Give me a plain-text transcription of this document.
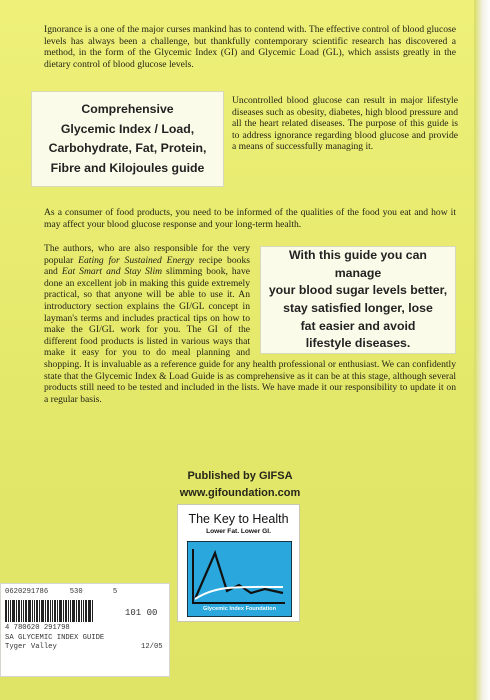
Ignorance is a one of the major curses mankind has to contend with. The effective control of blood glucose levels has always been a challenge, but thankfully contemporary scientific research has discovered a method, in the form of the Glycemic Index (GI) and Glycemic Load (GL), which assists greatly in the dietary control of blood glucose levels.

Comprehensive
Glycemic Index / Load,
Carbohydrate, Fat, Protein,
Fibre and Kilojoules guide

Uncontrolled blood glucose can result in major lifestyle diseases such as obesity, diabetes, high blood pressure and all the heart related diseases. The purpose of this guide is to address ignorance regarding blood glucose and provide a means of successfully managing it.

As a consumer of food products, you need to be informed of the qualities of the food you eat and how it may affect your blood glucose response and your long-term health.

With this guide you can manage
your blood sugar levels better,
stay satisfied longer, lose
fat easier and avoid
lifestyle diseases.
The authors, who are also responsible for the very popular Eating for Sustained Energy recipe books and Eat Smart and Stay Slim slimming book, have done an excellent job in making this guide extremely practical, so that anyone will be able to use it. An introductory section explains the GI/GL concept in layman's terms and includes practical tips on how to make the GI/GL work for you. The GI of the different food products is listed in various ways that make it easy for you to do meal planning and shopping. It is invaluable as a reference guide for any health professional or enthusiast. We can confidently state that the Glycemic Index & Load Guide is as comprehensive as it can be at this stage, although several products still need to be tested and included in the lists. We have made it our responsibility to update it on a regular basis.
Published by GIFSA
www.gifoundation.com
The Key to Health
Lower Fat. Lower GI.
Glycemic Index Foundation
0620291786     530       5
101 00
4 780620 291798
SA GLYCEMIC INDEX GUIDE
Tyger Valley	12/05
